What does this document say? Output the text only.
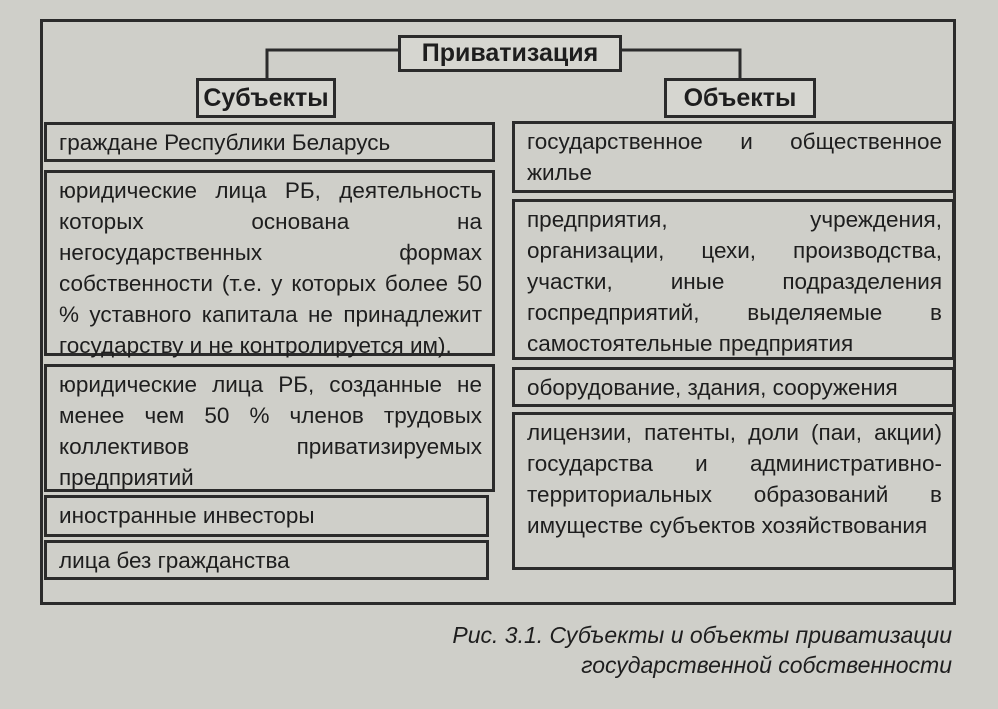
Приватизация
Субъекты	Объекты
граждане Республики Беларусь
юридические лица РБ, деятельность которых основана на негосударственных формах собственности (т.е. у которых более 50 % уставного капитала не принадлежит государству и не контролируется им).
юридические лица РБ, созданные не менее чем 50 % членов трудовых коллективов приватизируемых предприятий
иностранные инвесторы
лица без гражданства
государственное и общественное жилье
предприятия, учреждения, организации, цехи, производства, участки, иные подразделения госпредприятий, выделяемые в самостоятельные предприятия
оборудование, здания, сооружения
лицензии, патенты, доли (паи, акции) государства и административно-территориальных образований в имуществе субъектов хозяйствования
Рис. 3.1. Субъекты и объекты приватизации
государственной собственности
